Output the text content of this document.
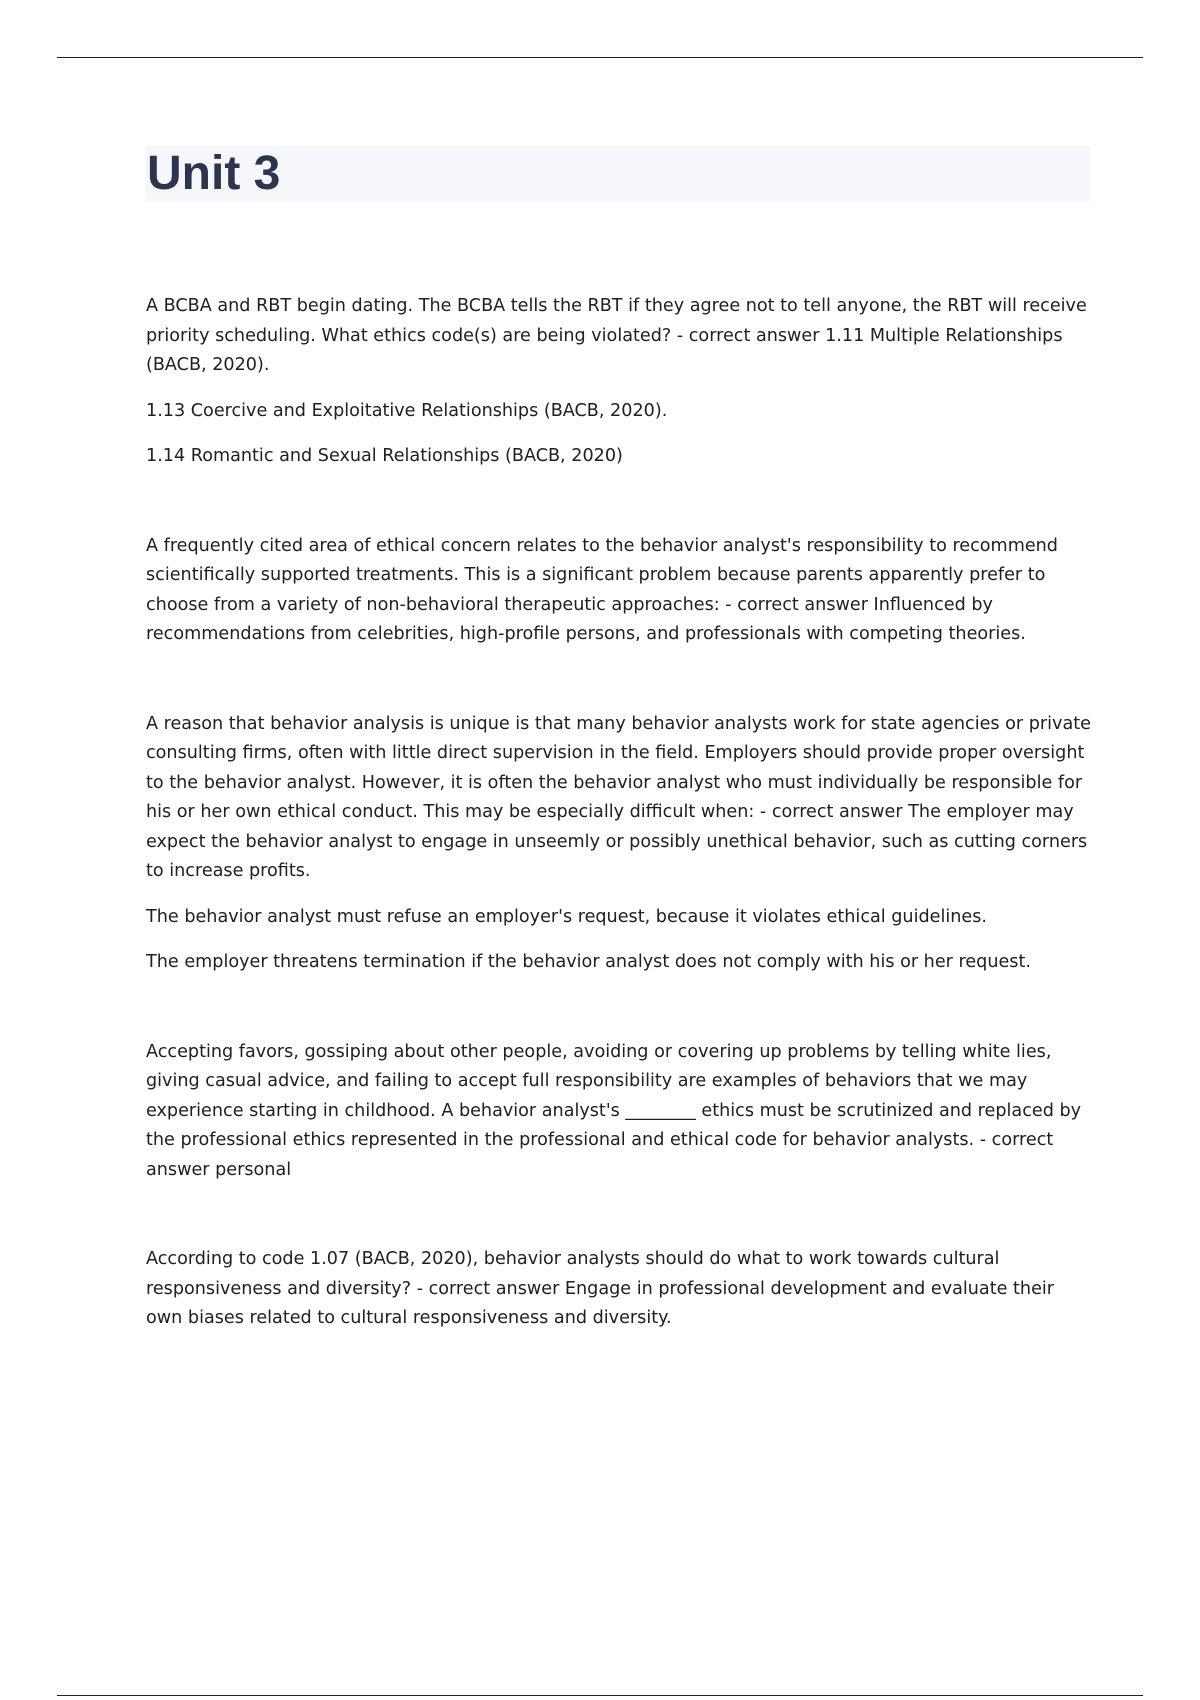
Unit 3

A BCBA and RBT begin dating. The BCBA tells the RBT if they agree not to tell anyone, the RBT will receive priority scheduling. What ethics code(s) are being violated? - correct answer 1.11 Multiple Relationships (BACB, 2020).

1.13 Coercive and Exploitative Relationships (BACB, 2020).

1.14 Romantic and Sexual Relationships (BACB, 2020)

A frequently cited area of ethical concern relates to the behavior analyst's responsibility to recommend scientifically supported treatments. This is a significant problem because parents apparently prefer to choose from a variety of non-behavioral therapeutic approaches: - correct answer Influenced by recommendations from celebrities, high-profile persons, and professionals with competing theories.

A reason that behavior analysis is unique is that many behavior analysts work for state agencies or private consulting firms, often with little direct supervision in the field. Employers should provide proper oversight to the behavior analyst. However, it is often the behavior analyst who must individually be responsible for his or her own ethical conduct. This may be especially difficult when: - correct answer The employer may expect the behavior analyst to engage in unseemly or possibly unethical behavior, such as cutting corners to increase profits.

The behavior analyst must refuse an employer's request, because it violates ethical guidelines.

The employer threatens termination if the behavior analyst does not comply with his or her request.

Accepting favors, gossiping about other people, avoiding or covering up problems by telling white lies, giving casual advice, and failing to accept full responsibility are examples of behaviors that we may experience starting in childhood. A behavior analyst's ________ ethics must be scrutinized and replaced by the professional ethics represented in the professional and ethical code for behavior analysts. - correct answer personal

According to code 1.07 (BACB, 2020), behavior analysts should do what to work towards cultural responsiveness and diversity? - correct answer Engage in professional development and evaluate their own biases related to cultural responsiveness and diversity.
